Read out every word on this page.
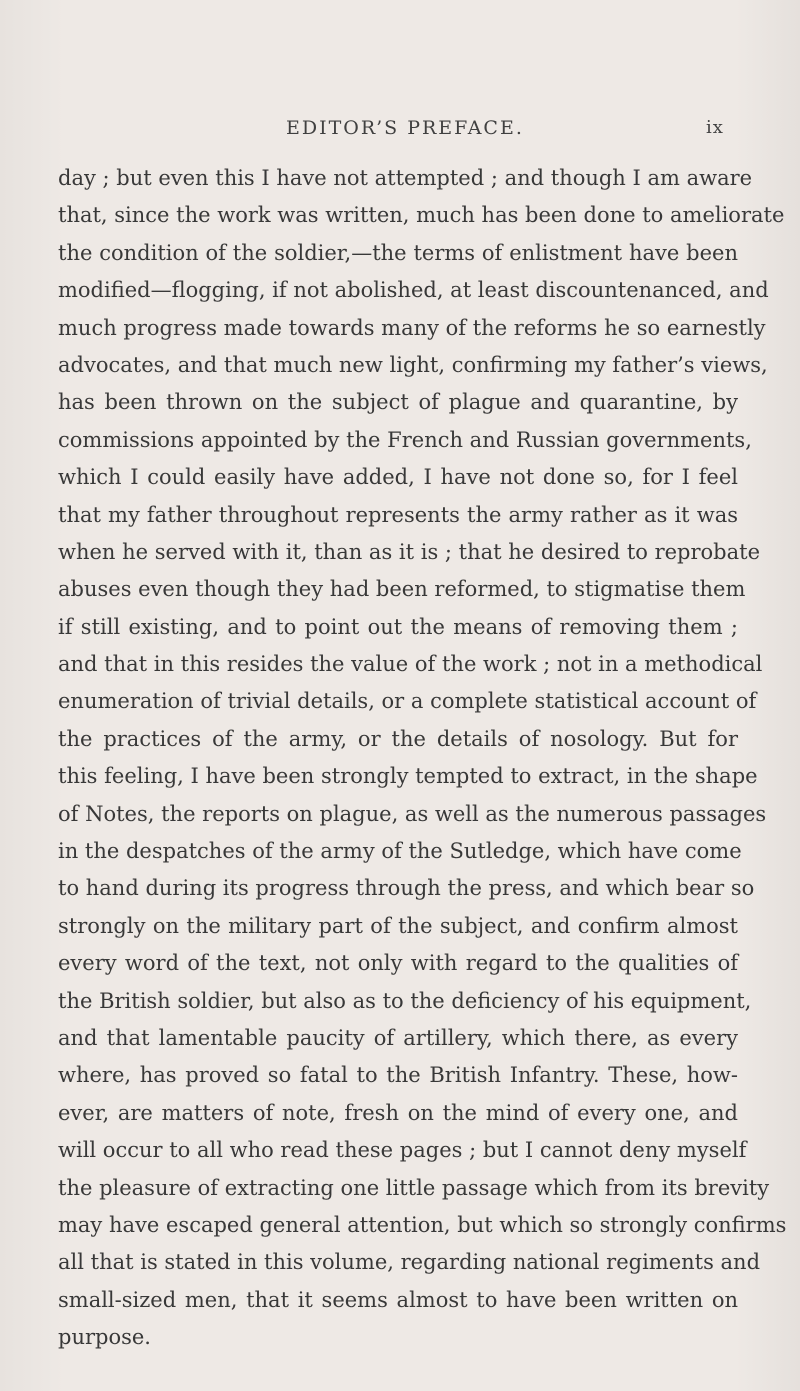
EDITOR’S PREFACE.	ix
day ; but even this I have not attempted ; and though I am aware
that, since the work was written, much has been done to ameliorate
the condition of the soldier,—the terms of enlistment have been
modified—flogging, if not abolished, at least discountenanced, and
much progress made towards many of the reforms he so earnestly
advocates, and that much new light, confirming my father’s views,
has been thrown on the subject of plague and quarantine, by
commissions appointed by the French and Russian governments,
which I could easily have added, I have not done so, for I feel
that my father throughout represents the army rather as it was
when he served with it, than as it is ; that he desired to reprobate
abuses even though they had been reformed, to stigmatise them
if still existing, and to point out the means of removing them ;
and that in this resides the value of the work ; not in a methodical
enumeration of trivial details, or a complete statistical account of
the practices of the army, or the details of nosology. But for
this feeling, I have been strongly tempted to extract, in the shape
of Notes, the reports on plague, as well as the numerous passages
in the despatches of the army of the Sutledge, which have come
to hand during its progress through the press, and which bear so
strongly on the military part of the subject, and confirm almost
every word of the text, not only with regard to the qualities of
the British soldier, but also as to the deficiency of his equipment,
and that lamentable paucity of artillery, which there, as every
where, has proved so fatal to the British Infantry. These, how-
ever, are matters of note, fresh on the mind of every one, and
will occur to all who read these pages ; but I cannot deny myself
the pleasure of extracting one little passage which from its brevity
may have escaped general attention, but which so strongly confirms
all that is stated in this volume, regarding national regiments and
small-sized men, that it seems almost to have been written on
purpose.
